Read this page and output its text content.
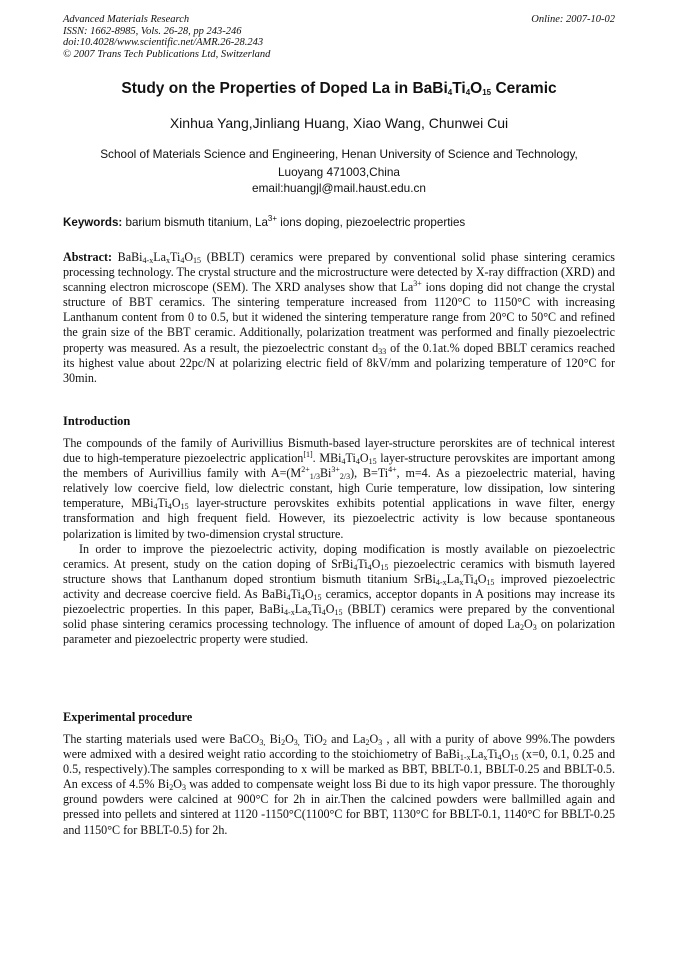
Advanced Materials Research
ISSN: 1662-8985, Vols. 26-28, pp 243-246
doi:10.4028/www.scientific.net/AMR.26-28.243
© 2007 Trans Tech Publications Ltd, Switzerland
Online: 2007-10-02
Study on the Properties of Doped La in $BaBi_4Ti_4O_{15}$ Ceramic
Xinhua Yang,Jinliang Huang, Xiao Wang, Chunwei Cui
School of Materials Science and Engineering, Henan University of Science and Technology,
Luoyang 471003,China
email:huangjl@mail.haust.edu.cn
Keywords: barium bismuth titanium, $La^{3+}$ ions doping, piezoelectric properties
Abstract: $BaBi_{4-x}La_xTi_4O_{15}$ (BBLT) ceramics were prepared by conventional solid phase sintering ceramics processing technology. The crystal structure and the microstructure were detected by X-ray diffraction (XRD) and scanning electron microscope (SEM). The XRD analyses show that $La^{3+}$ ions doping did not change the crystal structure of BBT ceramics. The sintering temperature increased from 1120°C to 1150°C with increasing Lanthanum content from 0 to 0.5, but it widened the sintering temperature range from 20°C to 50°C and refined the grain size of the BBT ceramic. Additionally, polarization treatment was performed and finally piezoelectric property was measured. As a result, the piezoelectric constant $d_{33}$ of the 0.1at.% doped BBLT ceramics reached its highest value about 22pc/N at polarizing electric field of 8kV/mm and polarizing temperature of 120°C for 30min.
Introduction

The compounds of the family of Aurivillius Bismuth-based layer-structure perorskites are of technical interest due to high-temperature piezoelectric application[1]. $MBi_4Ti_4O_{15}$ layer-structure perovskites are important among the members of Aurivillius family with $A=(M^{2+}_{1/3}Bi^{3+}_{2/3})$, $B=Ti^{4+}$, m=4. As a piezoelectric material, having relatively low coercive field, low dielectric constant, high Curie temperature, low dissipation, low sintering temperature, $MBi_4Ti_4O_{15}$ layer-structure perovskites exhibits potential applications in wave filter, energy transformation and high frequent field. However, its piezoelectric activity is low because spontaneous polarization is limited by two-dimension crystal structure.

In order to improve the piezoelectric activity, doping modification is mostly available on piezoelectric ceramics. At present, study on the cation doping of $SrBi_4Ti_4O_{15}$ piezoelectric ceramics with bismuth layered structure shows that Lanthanum doped strontium bismuth titanium $SrBi_{4-x}La_xTi_4O_{15}$ improved piezoelectric activity and decrease coercive field. As $BaBi_4Ti_4O_{15}$ ceramics, acceptor dopants in A positions may increase its piezoelectric properties. In this paper, $BaBi_{4-x}La_xTi_4O_{15}$ (BBLT) ceramics were prepared by the conventional solid phase sintering ceramics processing technology. The influence of amount of doped $La_2O_3$ on polarization parameter and piezoelectric property were studied.

Experimental procedure

The starting materials used were BaCO$_{3,}$ $Bi_2O_{3,}$ TiO$_2$ and $La_2O_3$ , all with a purity of above 99%.The powders were admixed with a desired weight ratio according to the stoichiometry of $BaBi_{1-x}La_xTi_4O_{15}$ (x=0, 0.1, 0.25 and 0.5, respectively).The samples corresponding to x will be marked as BBT, BBLT-0.1, BBLT-0.25 and BBLT-0.5. An excess of 4.5% $Bi_2O_3$ was added to compensate weight loss Bi due to its high vapor pressure. The thoroughly ground powders were calcined at 900°C for 2h in air.Then the calcined powders were ballmilled again and pressed into pellets and sintered at 1120 -1150°C(1100°C for BBT, 1130°C for BBLT-0.1, 1140°C for BBLT-0.25 and 1150°C for BBLT-0.5) for 2h.
